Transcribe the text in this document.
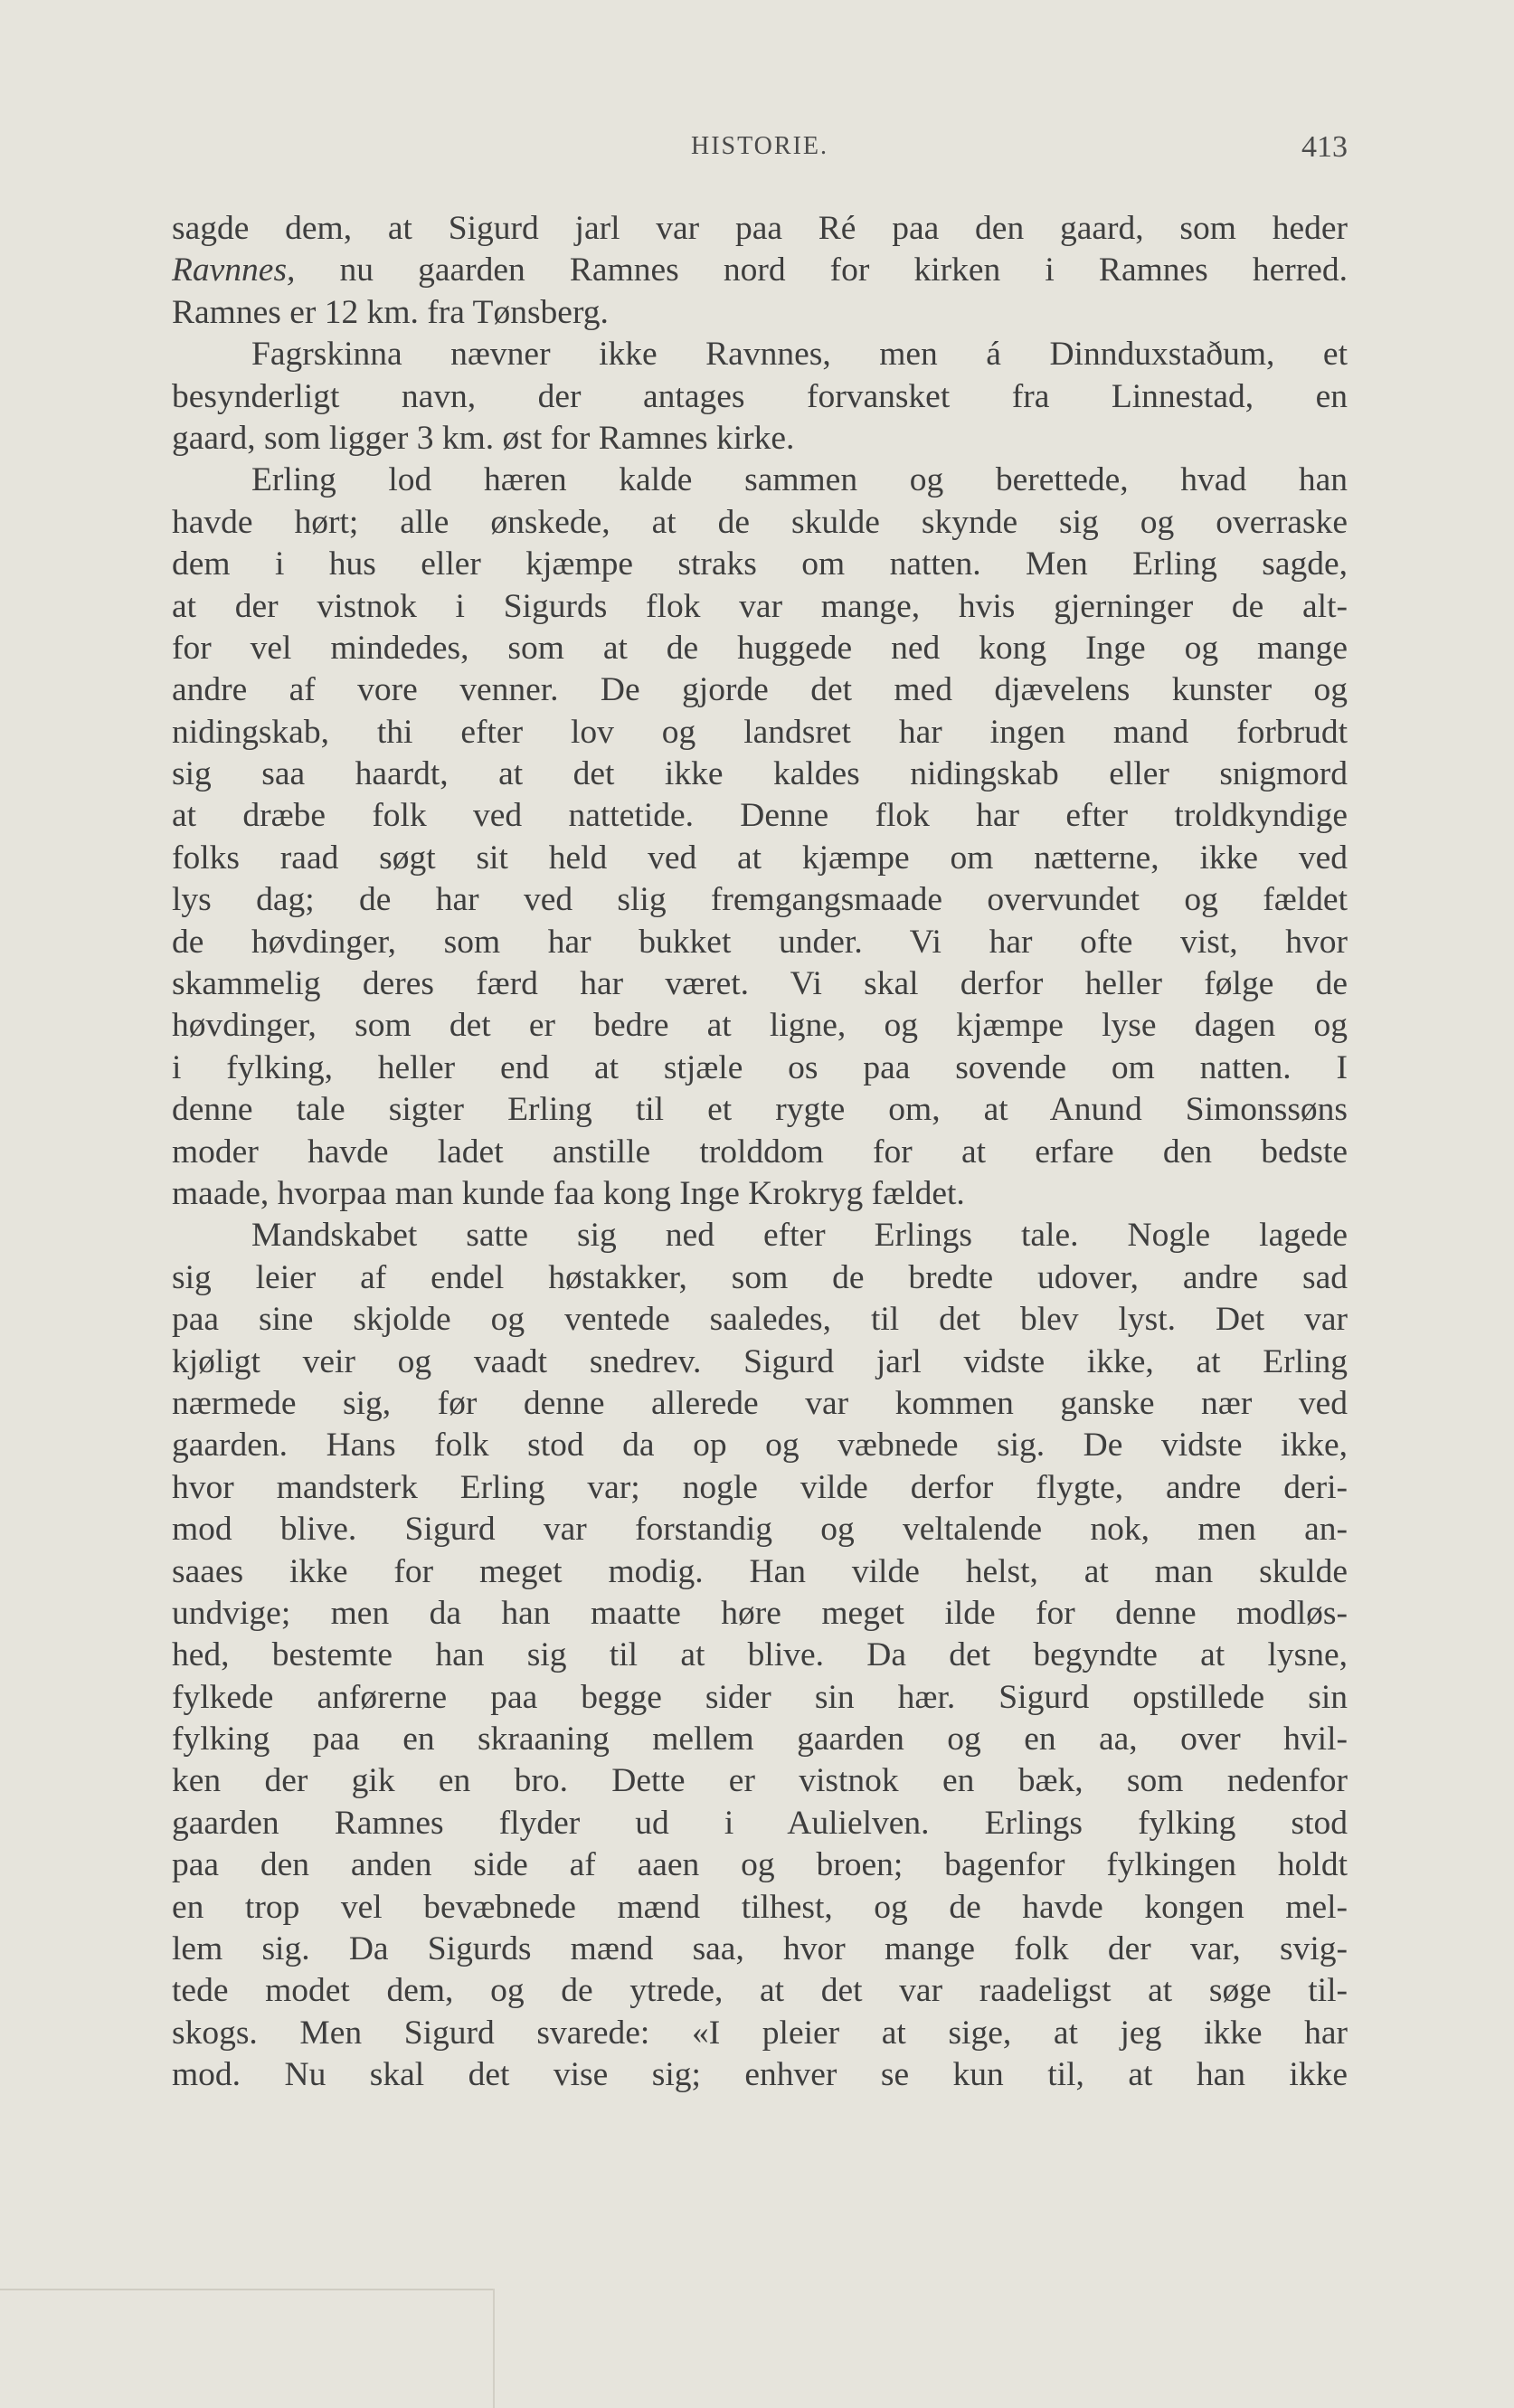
HISTORIE.	413
sagde dem, at Sigurd jarl var paa Ré paa den gaard, som heder
Ravnnes, nu gaarden Ramnes nord for kirken i Ramnes herred.
Ramnes er 12 km. fra Tønsberg.
Fagrskinna nævner ikke Ravnnes, men á Dinnduxstaðum, et
besynderligt navn, der antages forvansket fra Linnestad, en
gaard, som ligger 3 km. øst for Ramnes kirke.
Erling lod hæren kalde sammen og berettede, hvad han
havde hørt; alle ønskede, at de skulde skynde sig og overraske
dem i hus eller kjæmpe straks om natten. Men Erling sagde,
at der vistnok i Sigurds flok var mange, hvis gjerninger de alt-
for vel mindedes, som at de huggede ned kong Inge og mange
andre af vore venner. De gjorde det med djævelens kunster og
nidingskab, thi efter lov og landsret har ingen mand forbrudt
sig saa haardt, at det ikke kaldes nidingskab eller snigmord
at dræbe folk ved nattetide. Denne flok har efter troldkyndige
folks raad søgt sit held ved at kjæmpe om nætterne, ikke ved
lys dag; de har ved slig fremgangsmaade overvundet og fældet
de høvdinger, som har bukket under. Vi har ofte vist, hvor
skammelig deres færd har været. Vi skal derfor heller følge de
høvdinger, som det er bedre at ligne, og kjæmpe lyse dagen og
i fylking, heller end at stjæle os paa sovende om natten. I
denne tale sigter Erling til et rygte om, at Anund Simonssøns
moder havde ladet anstille trolddom for at erfare den bedste
maade, hvorpaa man kunde faa kong Inge Krokryg fældet.
Mandskabet satte sig ned efter Erlings tale. Nogle lagede
sig leier af endel høstakker, som de bredte udover, andre sad
paa sine skjolde og ventede saaledes, til det blev lyst. Det var
kjøligt veir og vaadt snedrev. Sigurd jarl vidste ikke, at Erling
nærmede sig, før denne allerede var kommen ganske nær ved
gaarden. Hans folk stod da op og væbnede sig. De vidste ikke,
hvor mandsterk Erling var; nogle vilde derfor flygte, andre deri-
mod blive. Sigurd var forstandig og veltalende nok, men an-
saaes ikke for meget modig. Han vilde helst, at man skulde
undvige; men da han maatte høre meget ilde for denne modløs-
hed, bestemte han sig til at blive. Da det begyndte at lysne,
fylkede anførerne paa begge sider sin hær. Sigurd opstillede sin
fylking paa en skraaning mellem gaarden og en aa, over hvil-
ken der gik en bro. Dette er vistnok en bæk, som nedenfor
gaarden Ramnes flyder ud i Aulielven. Erlings fylking stod
paa den anden side af aaen og broen; bagenfor fylkingen holdt
en trop vel bevæbnede mænd tilhest, og de havde kongen mel-
lem sig. Da Sigurds mænd saa, hvor mange folk der var, svig-
tede modet dem, og de ytrede, at det var raadeligst at søge til-
skogs. Men Sigurd svarede: «I pleier at sige, at jeg ikke har
mod. Nu skal det vise sig; enhver se kun til, at han ikke
